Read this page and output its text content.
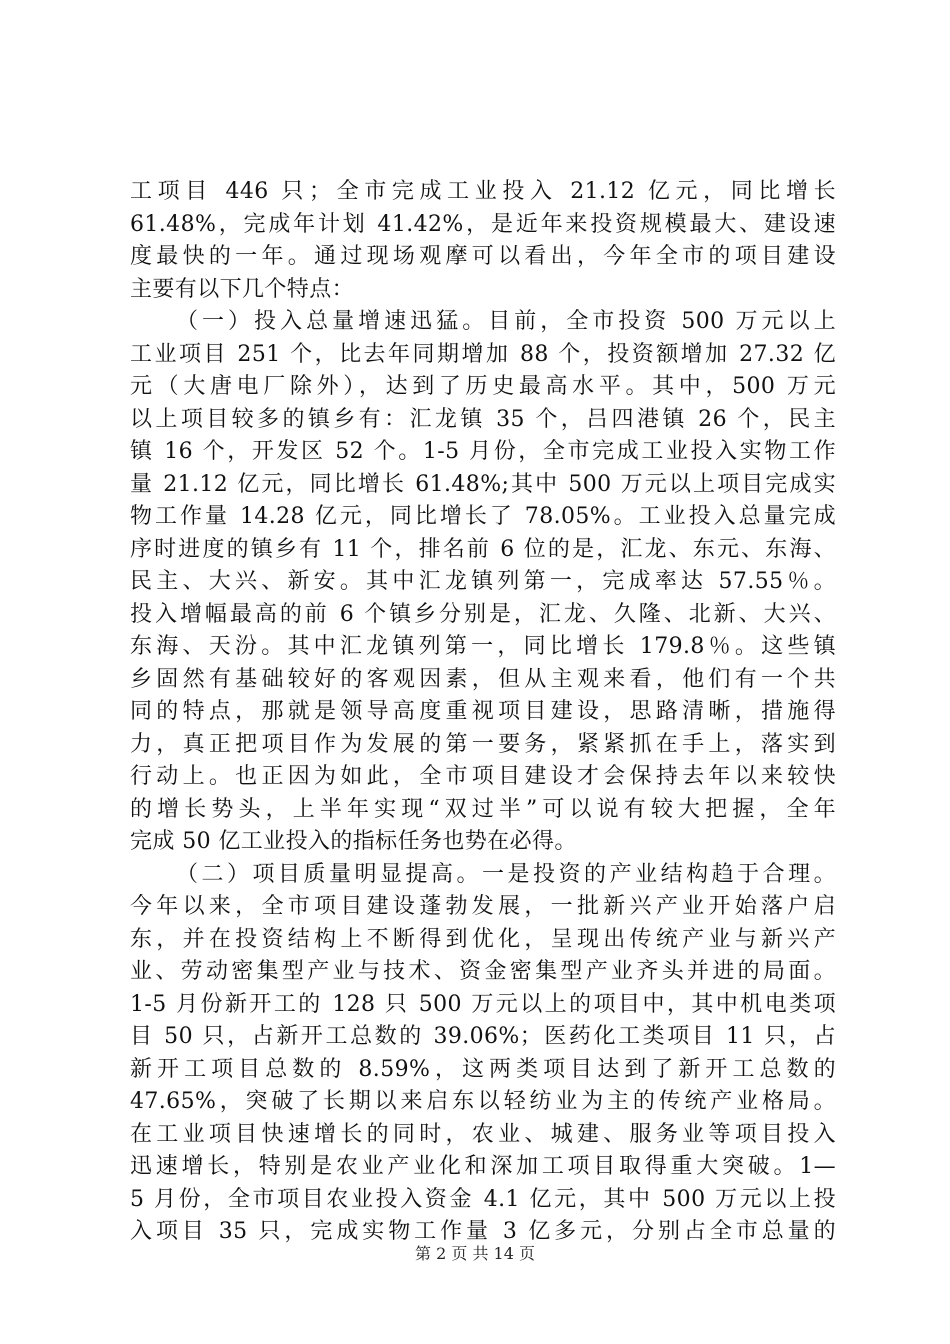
工项目 446 只；全市完成工业投入 21.12 亿元，同比增长
61.48%，完成年计划 41.42%，是近年来投资规模最大、建设速
度最快的一年。通过现场观摩可以看出，今年全市的项目建设
主要有以下几个特点：
（一）投入总量增速迅猛。目前，全市投资 500 万元以上
工业项目 251 个，比去年同期增加 88 个，投资额增加 27.32 亿
元（大唐电厂除外），达到了历史最高水平。其中，500 万元
以上项目较多的镇乡有：汇龙镇 35 个，吕四港镇 26 个，民主
镇 16 个，开发区 52 个。1-5 月份，全市完成工业投入实物工作
量 21.12 亿元，同比增长 61.48%;其中 500 万元以上项目完成实
物工作量 14.28 亿元，同比增长了 78.05%。工业投入总量完成
序时进度的镇乡有 11 个，排名前 6 位的是，汇龙、东元、东海、
民主、大兴、新安。其中汇龙镇列第一，完成率达 57.55％。
投入增幅最高的前 6 个镇乡分别是，汇龙、久隆、北新、大兴、
东海、天汾。其中汇龙镇列第一，同比增长 179.8％。这些镇
乡固然有基础较好的客观因素，但从主观来看，他们有一个共
同的特点，那就是领导高度重视项目建设，思路清晰，措施得
力，真正把项目作为发展的第一要务，紧紧抓在手上，落实到
行动上。也正因为如此，全市项目建设才会保持去年以来较快
的增长势头，上半年实现“双过半”可以说有较大把握，全年
完成 50 亿工业投入的指标任务也势在必得。
（二）项目质量明显提高。一是投资的产业结构趋于合理。
今年以来，全市项目建设蓬勃发展，一批新兴产业开始落户启
东，并在投资结构上不断得到优化，呈现出传统产业与新兴产
业、劳动密集型产业与技术、资金密集型产业齐头并进的局面。
1-5 月份新开工的 128 只 500 万元以上的项目中，其中机电类项
目 50 只，占新开工总数的 39.06%；医药化工类项目 11 只，占
新开工项目总数的 8.59%，这两类项目达到了新开工总数的
47.65%，突破了长期以来启东以轻纺业为主的传统产业格局。
在工业项目快速增长的同时，农业、城建、服务业等项目投入
迅速增长，特别是农业产业化和深加工项目取得重大突破。1—
5 月份，全市项目农业投入资金 4.1 亿元，其中 500 万元以上投
入项目 35 只，完成实物工作量 3 亿多元，分别占全市总量的
第 2 页 共 14 页
